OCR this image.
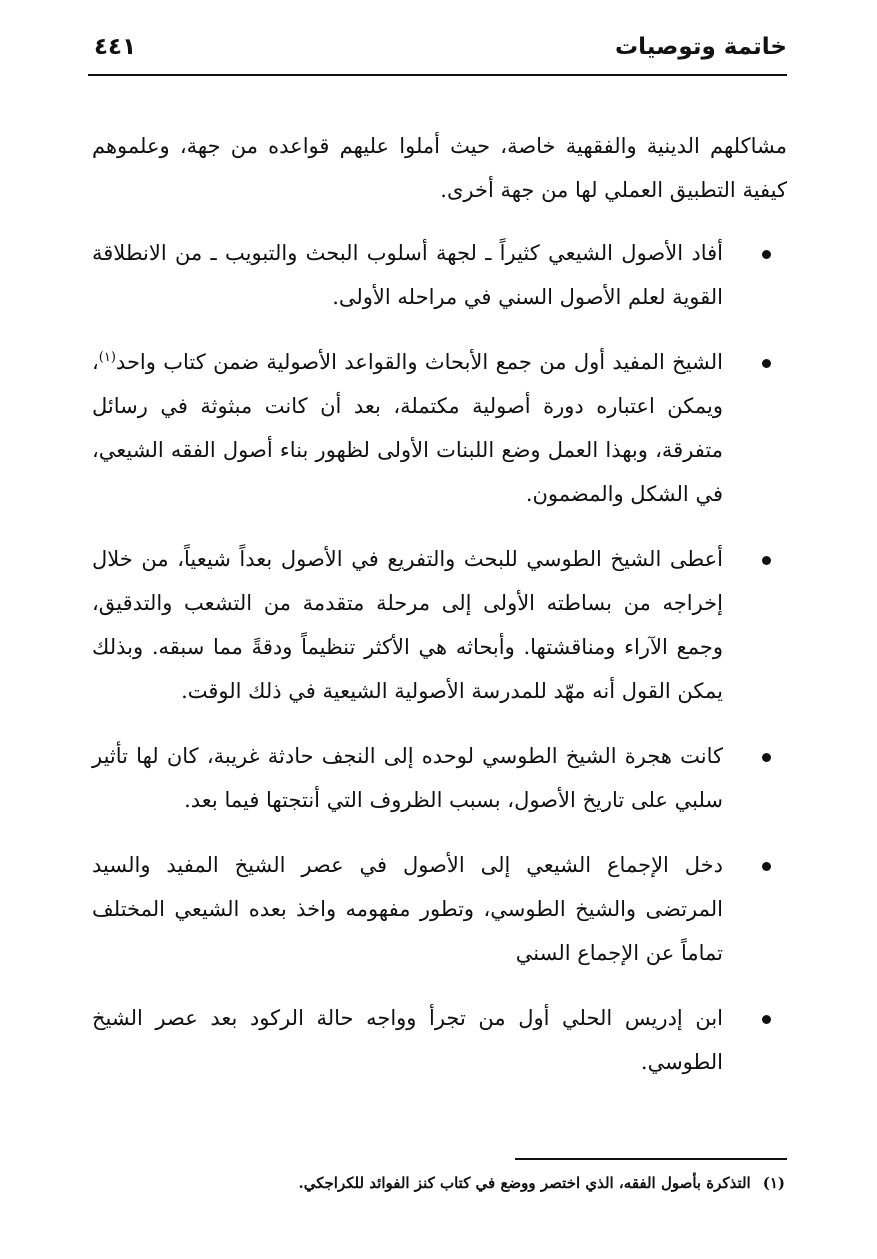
خاتمة وتوصيات
٤٤١

مشاكلهم الدينية والفقهية خاصة، حيث أملوا عليهم قواعده من جهة، وعلموهم كيفية التطبيق العملي لها من جهة أخرى.

أفاد الأصول الشيعي كثيراً ـ لجهة أسلوب البحث والتبويب ـ من الانطلاقة القوية لعلم الأصول السني في مراحله الأولى.
الشيخ المفيد أول من جمع الأبحاث والقواعد الأصولية ضمن كتاب واحد$^{(١)}$، ويمكن اعتباره دورة أصولية مكتملة، بعد أن كانت مبثوثة في رسائل متفرقة، وبهذا العمل وضع اللبنات الأولى لظهور بناء أصول الفقه الشيعي، في الشكل والمضمون.
أعطى الشيخ الطوسي للبحث والتفريع في الأصول بعداً شيعياً، من خلال إخراجه من بساطته الأولى إلى مرحلة متقدمة من التشعب والتدقيق، وجمع الآراء ومناقشتها. وأبحاثه هي الأكثر تنظيماً ودقةً مما سبقه. وبذلك يمكن القول أنه مهّد للمدرسة الأصولية الشيعية في ذلك الوقت.
كانت هجرة الشيخ الطوسي لوحده إلى النجف حادثة غريبة، كان لها تأثير سلبي على تاريخ الأصول، بسبب الظروف التي أنتجتها فيما بعد.
دخل الإجماع الشيعي إلى الأصول في عصر الشيخ المفيد والسيد المرتضى والشيخ الطوسي، وتطور مفهومه واخذ بعده الشيعي المختلف تماماً عن الإجماع السني
ابن إدريس الحلي أول من تجرأ وواجه حالة الركود بعد عصر الشيخ الطوسي.
(١)التذكرة بأصول الفقه، الذي اختصر ووضع في كتاب كنز الفوائد للكراجكي.
